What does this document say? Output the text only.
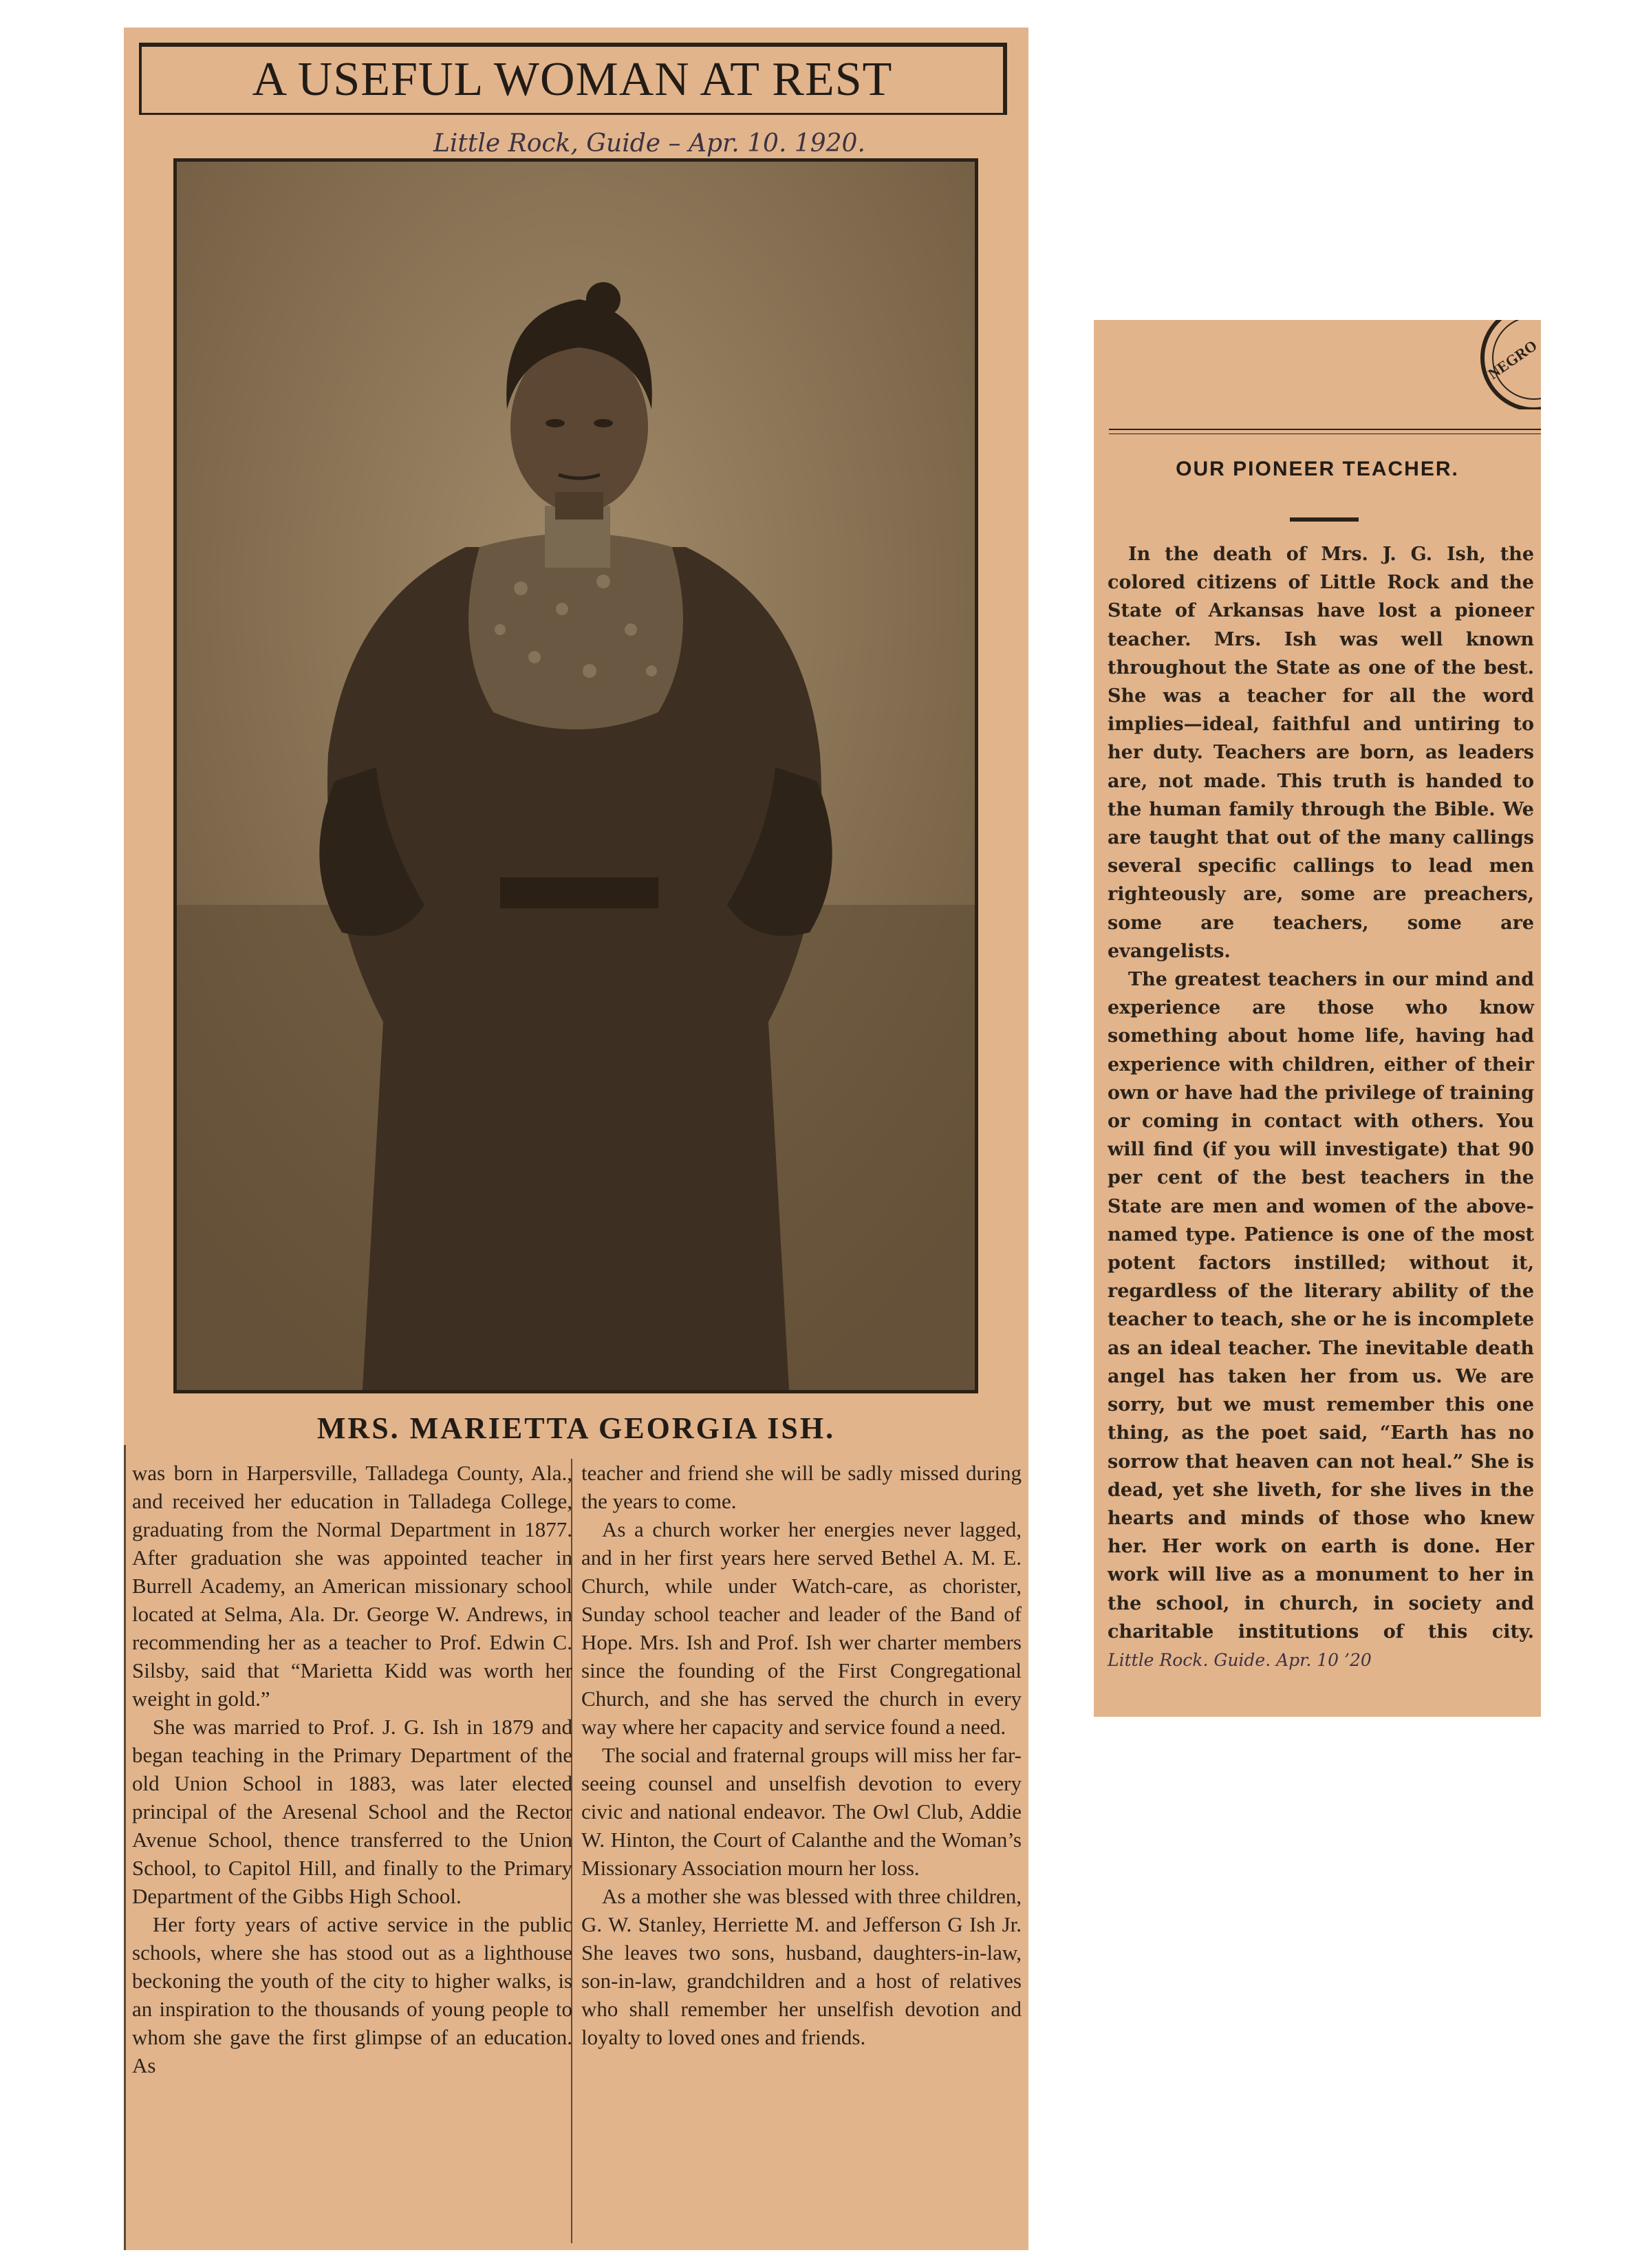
A USEFUL WOMAN AT REST
Little Rock, Guide – Apr. 10. 1920.
MRS. MARIETTA GEORGIA ISH.

was born in Harpersville, Talladega County, Ala., and received her education in Talladega College, graduating from the Normal Department in 1877. After graduation she was appointed teacher in Burrell Academy, an American missionary school located at Selma, Ala. Dr. George W. Andrews, in recommending her as a teacher to Prof. Edwin C. Silsby, said that “Marietta Kidd was worth her weight in gold.”

She was married to Prof. J. G. Ish in 1879 and began teaching in the Primary Department of the old Union School in 1883, was later elected principal of the Aresenal School and the Rector Avenue School, thence transferred to the Union School, to Capitol Hill, and finally to the Primary Department of the Gibbs High School.

Her forty years of active service in the public schools, where she has stood out as a lighthouse beckoning the youth of the city to higher walks, is an inspiration to the thousands of young people to whom she gave the first glimpse of an education. As

teacher and friend she will be sadly missed during the years to come.

As a church worker her energies never lagged, and in her first years here served Bethel A. M. E. Church, while under Watch-care, as chorister, Sunday school teacher and leader of the Band of Hope. Mrs. Ish and Prof. Ish wer charter members since the founding of the First Congregational Church, and she has served the church in every way where her capacity and service found a need.

The social and fraternal groups will miss her far-seeing counsel and unselfish devotion to every civic and national endeavor. The Owl Club, Addie W. Hinton, the Court of Calanthe and the Woman’s Missionary Association mourn her loss.

As a mother she was blessed with three children, G. W. Stanley, Herriette M. and Jefferson G Ish Jr. She leaves two sons, husband, daughters-in-law, son-in-law, grandchildren and a host of relatives who shall remember her unselfish devotion and loyalty to loved ones and friends.

NEGRO
OUR PIONEER TEACHER.

In the death of Mrs. J. G. Ish, the colored citizens of Little Rock and the State of Arkansas have lost a pioneer teacher. Mrs. Ish was well known throughout the State as one of the best. She was a teacher for all the word implies—ideal, faithful and untiring to her duty. Teachers are born, as leaders are, not made. This truth is handed to the human family through the Bible. We are taught that out of the many callings several specific callings to lead men righteously are, some are preachers, some are teachers, some are evangelists.

The greatest teachers in our mind and experience are those who know something about home life, having had experience with children, either of their own or have had the privilege of training or coming in contact with others. You will find (if you will investigate) that 90 per cent of the best teachers in the State are men and women of the above-named type. Patience is one of the most potent factors instilled; without it, regardless of the literary ability of the teacher to teach, she or he is incomplete as an ideal teacher. The inevitable death angel has taken her from us. We are sorry, but we must remember this one thing, as the poet said, “Earth has no sorrow that heaven can not heal.” She is dead, yet she liveth, for she lives in the hearts and minds of those who knew her. Her work on earth is done. Her work will live as a monument to her in the school, in church, in society and charitable institutions of this city. Little Rock. Guide. Apr. 10 ’20
